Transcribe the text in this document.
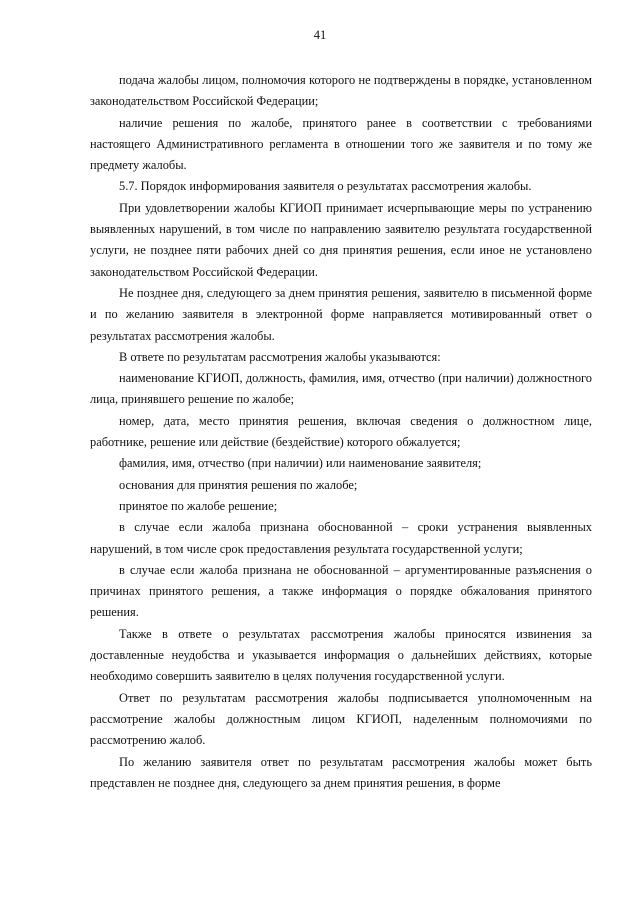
41

подача жалобы лицом, полномочия которого не подтверждены в порядке, установленном законодательством Российской Федерации;

наличие решения по жалобе, принятого ранее в соответствии с требованиями настоящего Административного регламента в отношении того же заявителя и по тому же предмету жалобы.

5.7. Порядок информирования заявителя о результатах рассмотрения жалобы.

При удовлетворении жалобы КГИОП принимает исчерпывающие меры по устранению выявленных нарушений, в том числе по направлению заявителю результата государственной услуги, не позднее пяти рабочих дней со дня принятия решения, если иное не установлено законодательством Российской Федерации.

Не позднее дня, следующего за днем принятия решения, заявителю в письменной форме и по желанию заявителя в электронной форме направляется мотивированный ответ о результатах рассмотрения жалобы.

В ответе по результатам рассмотрения жалобы указываются:

наименование КГИОП, должность, фамилия, имя, отчество (при наличии) должностного лица, принявшего решение по жалобе;

номер, дата, место принятия решения, включая сведения о должностном лице, работнике, решение или действие (бездействие) которого обжалуется;

фамилия, имя, отчество (при наличии) или наименование заявителя;

основания для принятия решения по жалобе;

принятое по жалобе решение;

в случае если жалоба признана обоснованной – сроки устранения выявленных нарушений, в том числе срок предоставления результата государственной услуги;

в случае если жалоба признана не обоснованной – аргументированные разъяснения о причинах принятого решения, а также информация о порядке обжалования принятого решения.

Также в ответе о результатах рассмотрения жалобы приносятся извинения за доставленные неудобства и указывается информация о дальнейших действиях, которые необходимо совершить заявителю в целях получения государственной услуги.

Ответ по результатам рассмотрения жалобы подписывается уполномоченным на рассмотрение жалобы должностным лицом КГИОП, наделенным полномочиями по рассмотрению жалоб.

По желанию заявителя ответ по результатам рассмотрения жалобы может быть представлен не позднее дня, следующего за днем принятия решения, в форме
